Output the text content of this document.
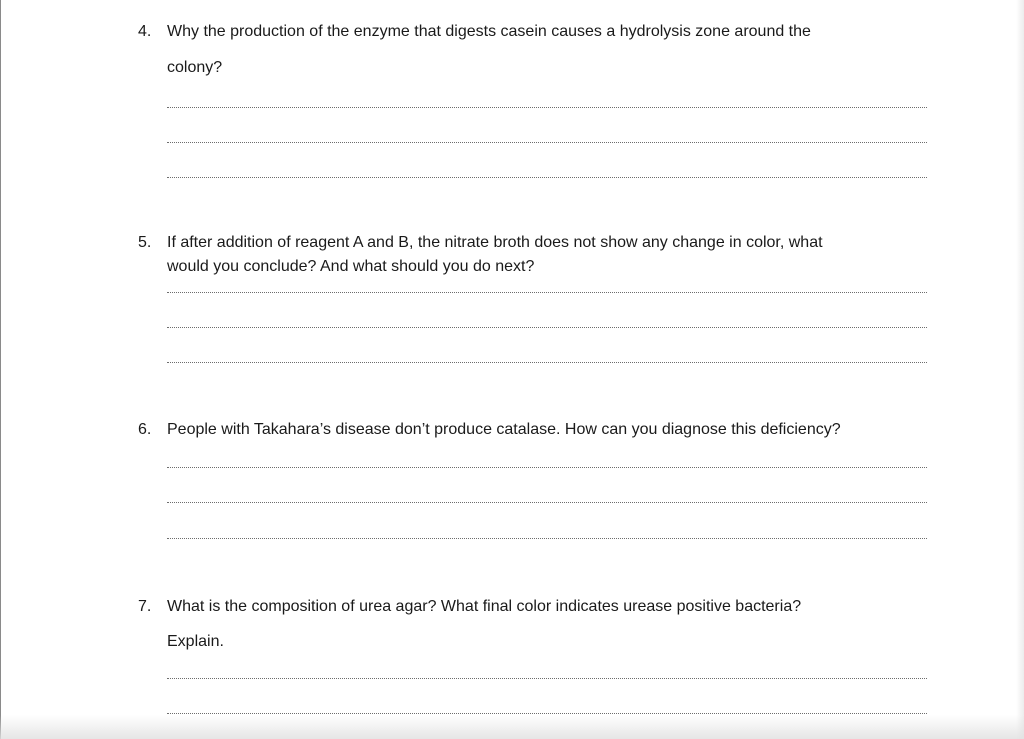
4. Why the production of the enzyme that digests casein causes a hydrolysis zone around the
colony?
5. If after addition of reagent A and B, the nitrate broth does not show any change in color, what
would you conclude? And what should you do next?
6. People with Takahara’s disease don’t produce catalase. How can you diagnose this deficiency?
7. What is the composition of urea agar? What final color indicates urease positive bacteria?
Explain.
